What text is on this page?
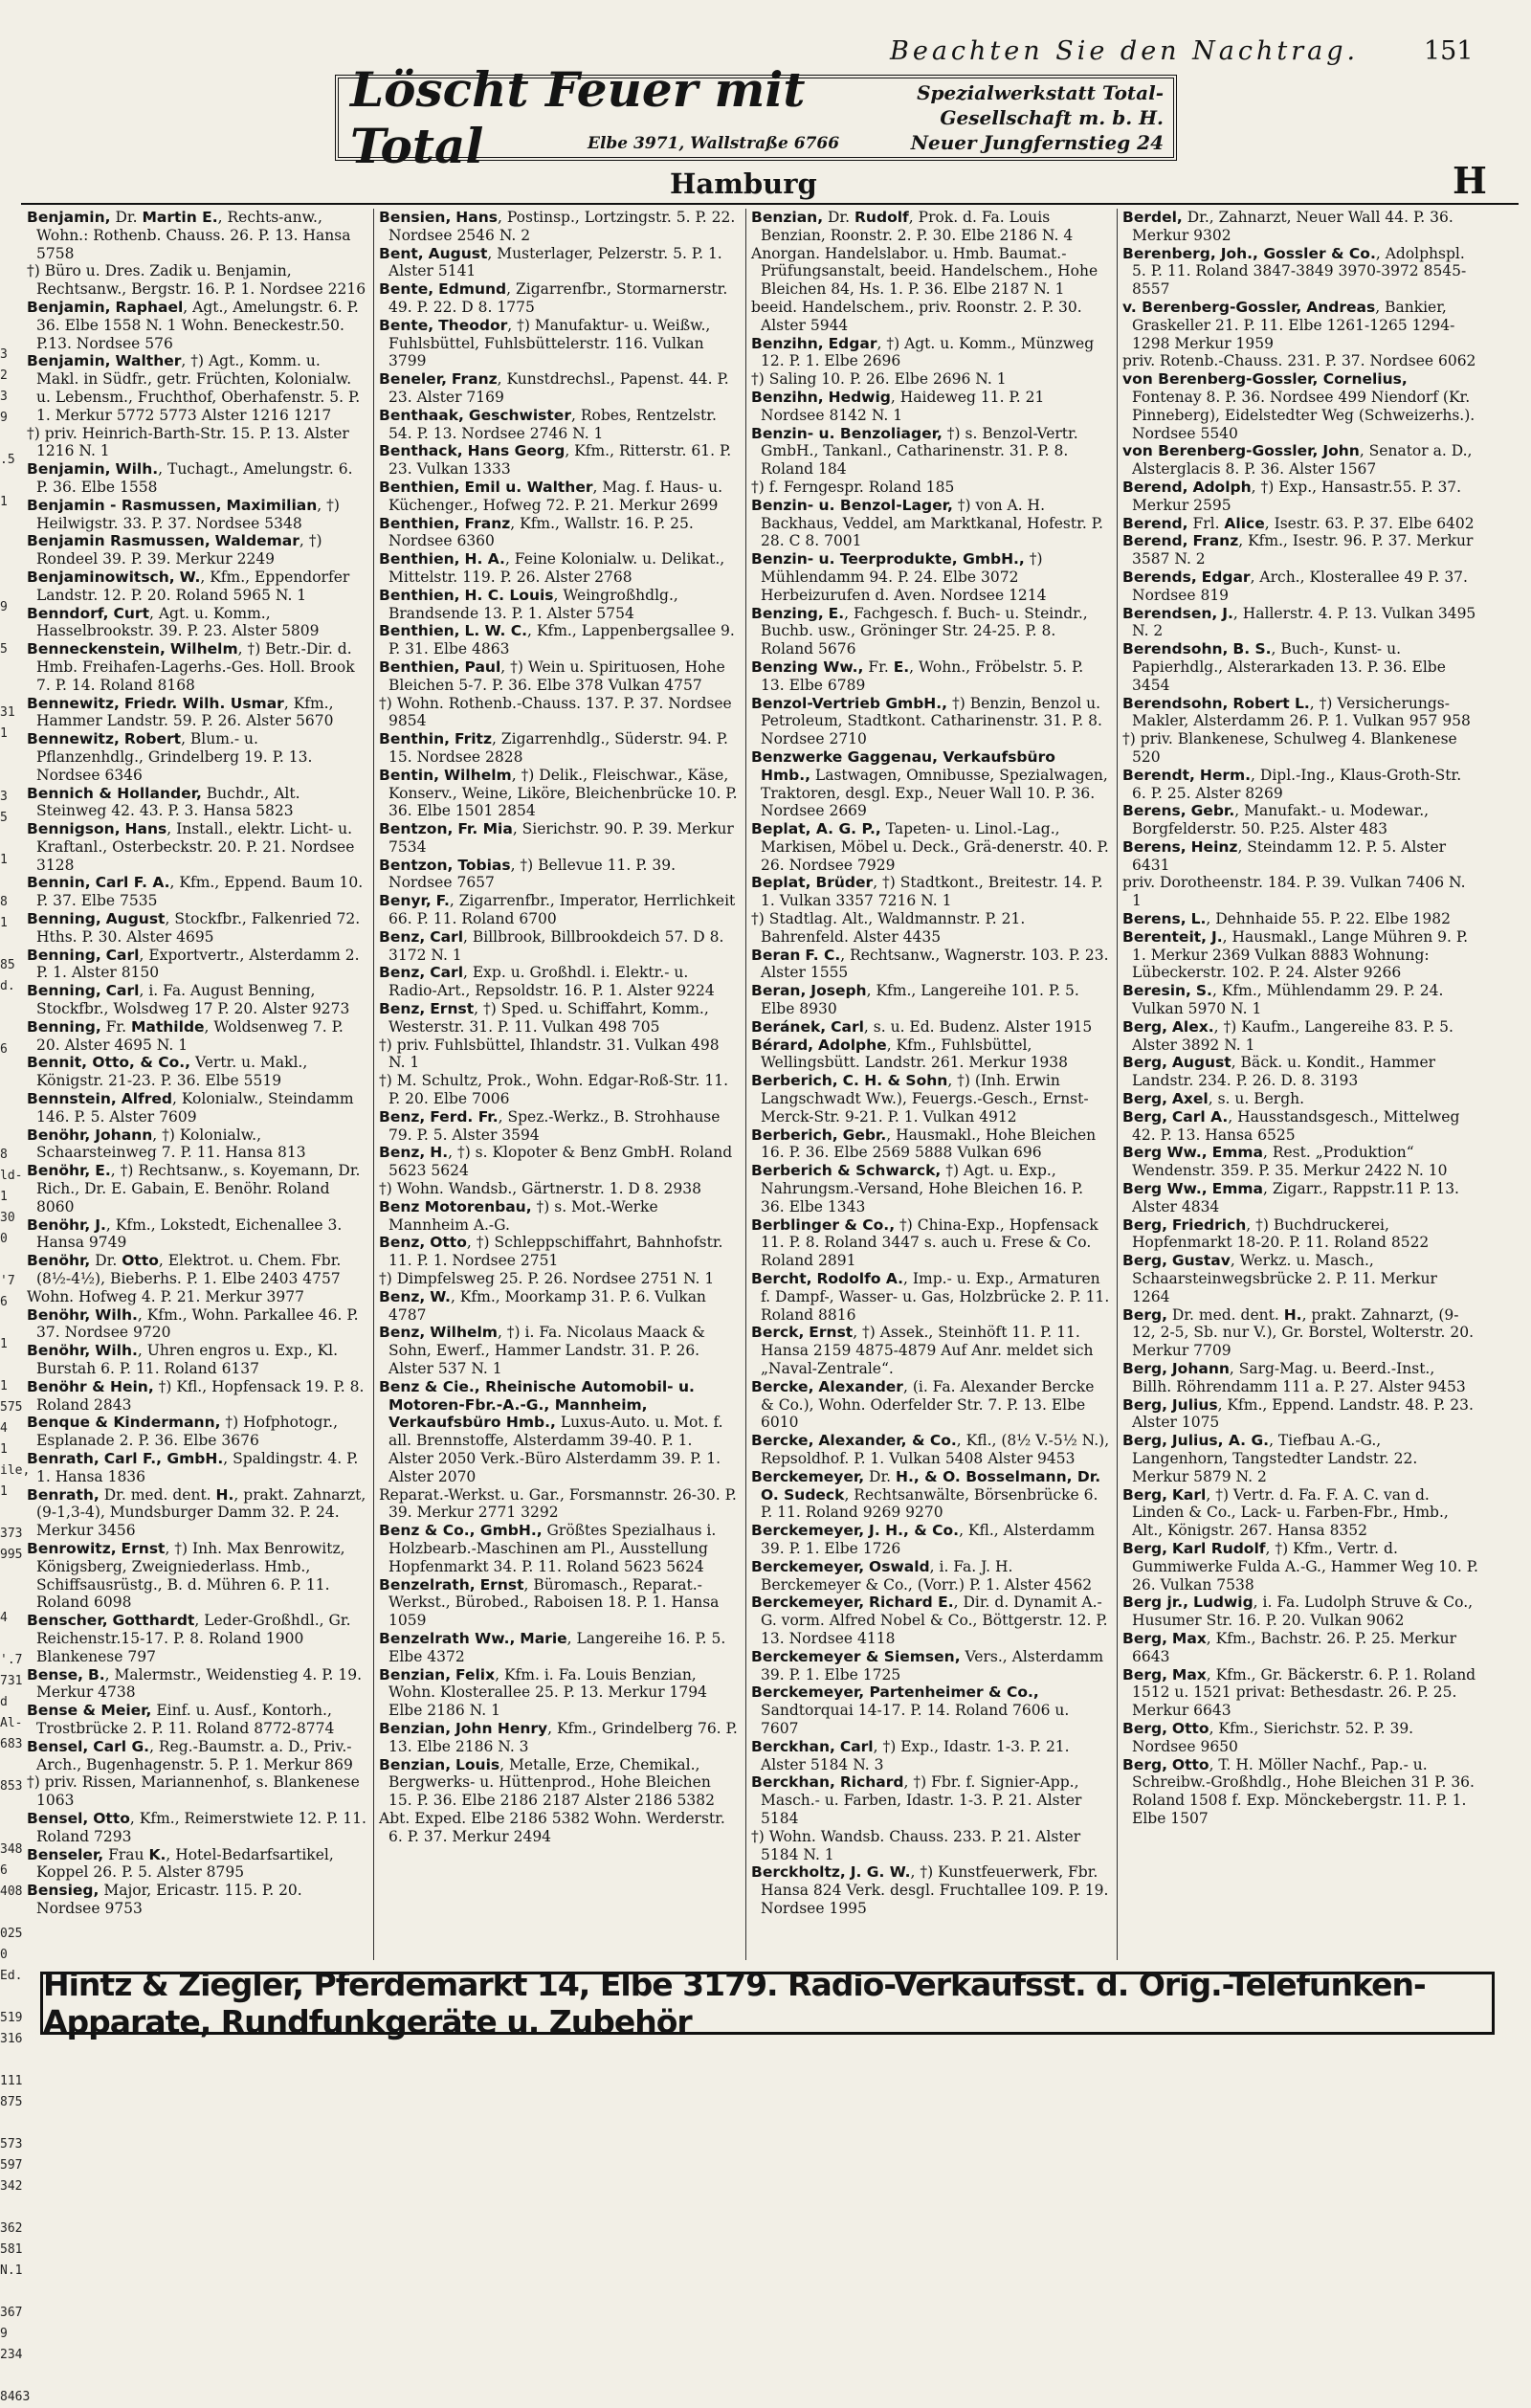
Beachten Sie den Nachtrag.	151
Löscht Feuer mit Total
Spezialwerkstatt Total-
Gesellschaft m. b. H.
Neuer Jungfernstieg 24
Elbe 3971, Wallstraße 6766
Hamburg	H
3
2
3
9

.5

1

9

5

31
1

3
5

1

8
1

85
d.

6

8
ld-
1
30
0

'7
6

1

1
575
4
1
ile,
1

373
995

4

'.7
731
d
Al-
683

853

348
6
408

025
0
Ed.

519
316

111
875

573
597
342

362
581
N.1

367
9
234

8463

Benjamin, Dr. Martin E., Rechts-anw., Wohn.: Rothenb. Chauss. 26. P. 13. Hansa 5758

†) Büro u. Dres. Zadik u. Benjamin, Rechtsanw., Bergstr. 16. P. 1. Nordsee 2216

Benjamin, Raphael, Agt., Amelungstr. 6. P. 36. Elbe 1558 N. 1 Wohn. Beneckestr.50. P.13. Nordsee 576

Benjamin, Walther, †) Agt., Komm. u. Makl. in Südfr., getr. Früchten, Kolonialw. u. Lebensm., Fruchthof, Oberhafenstr. 5. P. 1. Merkur 5772 5773 Alster 1216 1217

†) priv. Heinrich-Barth-Str. 15. P. 13. Alster 1216 N. 1

Benjamin, Wilh., Tuchagt., Amelungstr. 6. P. 36. Elbe 1558

Benjamin - Rasmussen, Maximilian, †) Heilwigstr. 33. P. 37. Nordsee 5348

Benjamin Rasmussen, Waldemar, †) Rondeel 39. P. 39. Merkur 2249

Benjaminowitsch, W., Kfm., Eppendorfer Landstr. 12. P. 20. Roland 5965 N. 1

Benndorf, Curt, Agt. u. Komm., Hasselbrookstr. 39. P. 23. Alster 5809

Benneckenstein, Wilhelm, †) Betr.-Dir. d. Hmb. Freihafen-Lagerhs.-Ges. Holl. Brook 7. P. 14. Roland 8168

Bennewitz, Friedr. Wilh. Usmar, Kfm., Hammer Landstr. 59. P. 26. Alster 5670

Bennewitz, Robert, Blum.- u. Pflanzenhdlg., Grindelberg 19. P. 13. Nordsee 6346

Bennich & Hollander, Buchdr., Alt. Steinweg 42. 43. P. 3. Hansa 5823

Bennigson, Hans, Install., elektr. Licht- u. Kraftanl., Osterbeckstr. 20. P. 21. Nordsee 3128

Bennin, Carl F. A., Kfm., Eppend. Baum 10. P. 37. Elbe 7535

Benning, August, Stockfbr., Falkenried 72. Hths. P. 30. Alster 4695

Benning, Carl, Exportvertr., Alsterdamm 2. P. 1. Alster 8150

Benning, Carl, i. Fa. August Benning, Stockfbr., Wolsdweg 17 P. 20. Alster 9273

Benning, Fr. Mathilde, Woldsenweg 7. P. 20. Alster 4695 N. 1

Bennit, Otto, & Co., Vertr. u. Makl., Königstr. 21-23. P. 36. Elbe 5519

Bennstein, Alfred, Kolonialw., Steindamm 146. P. 5. Alster 7609

Benöhr, Johann, †) Kolonialw., Schaarsteinweg 7. P. 11. Hansa 813

Benöhr, E., †) Rechtsanw., s. Koyemann, Dr. Rich., Dr. E. Gabain, E. Benöhr. Roland 8060

Benöhr, J., Kfm., Lokstedt, Eichenallee 3. Hansa 9749

Benöhr, Dr. Otto, Elektrot. u. Chem. Fbr. (8½-4½), Bieberhs. P. 1. Elbe 2403 4757

Wohn. Hofweg 4. P. 21. Merkur 3977

Benöhr, Wilh., Kfm., Wohn. Parkallee 46. P. 37. Nordsee 9720

Benöhr, Wilh., Uhren engros u. Exp., Kl. Burstah 6. P. 11. Roland 6137

Benöhr & Hein, †) Kfl., Hopfensack 19. P. 8. Roland 2843

Benque & Kindermann, †) Hofphotogr., Esplanade 2. P. 36. Elbe 3676

Benrath, Carl F., GmbH., Spaldingstr. 4. P. 1. Hansa 1836

Benrath, Dr. med. dent. H., prakt. Zahnarzt, (9-1,3-4), Mundsburger Damm 32. P. 24. Merkur 3456

Benrowitz, Ernst, †) Inh. Max Benrowitz, Königsberg, Zweigniederlass. Hmb., Schiffsausrüstg., B. d. Mühren 6. P. 11. Roland 6098

Benscher, Gotthardt, Leder-Großhdl., Gr. Reichenstr.15-17. P. 8. Roland 1900 Blankenese 797

Bense, B., Malermstr., Weidenstieg 4. P. 19. Merkur 4738

Bense & Meier, Einf. u. Ausf., Kontorh., Trostbrücke 2. P. 11. Roland 8772-8774

Bensel, Carl G., Reg.-Baumstr. a. D., Priv.-Arch., Bugenhagenstr. 5. P. 1. Merkur 869

†) priv. Rissen, Mariannenhof, s. Blankenese 1063

Bensel, Otto, Kfm., Reimerstwiete 12. P. 11. Roland 7293

Benseler, Frau K., Hotel-Bedarfsartikel, Koppel 26. P. 5. Alster 8795

Bensieg, Major, Ericastr. 115. P. 20. Nordsee 9753

Bensien, Hans, Postinsp., Lortzingstr. 5. P. 22. Nordsee 2546 N. 2

Bent, August, Musterlager, Pelzerstr. 5. P. 1. Alster 5141

Bente, Edmund, Zigarrenfbr., Stormarnerstr. 49. P. 22. D 8. 1775

Bente, Theodor, †) Manufaktur- u. Weißw., Fuhlsbüttel, Fuhlsbüttelerstr. 116. Vulkan 3799

Beneler, Franz, Kunstdrechsl., Papenst. 44. P. 23. Alster 7169

Benthaak, Geschwister, Robes, Rentzelstr. 54. P. 13. Nordsee 2746 N. 1

Benthack, Hans Georg, Kfm., Ritterstr. 61. P. 23. Vulkan 1333

Benthien, Emil u. Walther, Mag. f. Haus- u. Küchenger., Hofweg 72. P. 21. Merkur 2699

Benthien, Franz, Kfm., Wallstr. 16. P. 25. Nordsee 6360

Benthien, H. A., Feine Kolonialw. u. Delikat., Mittelstr. 119. P. 26. Alster 2768

Benthien, H. C. Louis, Weingroßhdlg., Brandsende 13. P. 1. Alster 5754

Benthien, L. W. C., Kfm., Lappenbergsallee 9. P. 31. Elbe 4863

Benthien, Paul, †) Wein u. Spirituosen, Hohe Bleichen 5-7. P. 36. Elbe 378 Vulkan 4757

†) Wohn. Rothenb.-Chauss. 137. P. 37. Nordsee 9854

Benthin, Fritz, Zigarrenhdlg., Süderstr. 94. P. 15. Nordsee 2828

Bentin, Wilhelm, †) Delik., Fleischwar., Käse, Konserv., Weine, Liköre, Bleichenbrücke 10. P. 36. Elbe 1501 2854

Bentzon, Fr. Mia, Sierichstr. 90. P. 39. Merkur 7534

Bentzon, Tobias, †) Bellevue 11. P. 39. Nordsee 7657

Benyr, F., Zigarrenfbr., Imperator, Herrlichkeit 66. P. 11. Roland 6700

Benz, Carl, Billbrook, Billbrookdeich 57. D 8. 3172 N. 1

Benz, Carl, Exp. u. Großhdl. i. Elektr.- u. Radio-Art., Repsoldstr. 16. P. 1. Alster 9224

Benz, Ernst, †) Sped. u. Schiffahrt, Komm., Westerstr. 31. P. 11. Vulkan 498 705

†) priv. Fuhlsbüttel, Ihlandstr. 31. Vulkan 498 N. 1

†) M. Schultz, Prok., Wohn. Edgar-Roß-Str. 11. P. 20. Elbe 7006

Benz, Ferd. Fr., Spez.-Werkz., B. Strohhause 79. P. 5. Alster 3594

Benz, H., †) s. Klopoter & Benz GmbH. Roland 5623 5624

†) Wohn. Wandsb., Gärtnerstr. 1. D 8. 2938

Benz Motorenbau, †) s. Mot.-Werke Mannheim A.-G.

Benz, Otto, †) Schleppschiffahrt, Bahnhofstr. 11. P. 1. Nordsee 2751

†) Dimpfelsweg 25. P. 26. Nordsee 2751 N. 1

Benz, W., Kfm., Moorkamp 31. P. 6. Vulkan 4787

Benz, Wilhelm, †) i. Fa. Nicolaus Maack & Sohn, Ewerf., Hammer Landstr. 31. P. 26. Alster 537 N. 1

Benz & Cie., Rheinische Automobil- u. Motoren-Fbr.-A.-G., Mannheim, Verkaufsbüro Hmb., Luxus-Auto. u. Mot. f. all. Brennstoffe, Alsterdamm 39-40. P. 1. Alster 2050 Verk.-Büro Alsterdamm 39. P. 1. Alster 2070

Reparat.-Werkst. u. Gar., Forsmannstr. 26-30. P. 39. Merkur 2771 3292

Benz & Co., GmbH., Größtes Spezialhaus i. Holzbearb.-Maschinen am Pl., Ausstellung Hopfenmarkt 34. P. 11. Roland 5623 5624

Benzelrath, Ernst, Büromasch., Reparat.-Werkst., Bürobed., Raboisen 18. P. 1. Hansa 1059

Benzelrath Ww., Marie, Langereihe 16. P. 5. Elbe 4372

Benzian, Felix, Kfm. i. Fa. Louis Benzian, Wohn. Klosterallee 25. P. 13. Merkur 1794 Elbe 2186 N. 1

Benzian, John Henry, Kfm., Grindelberg 76. P. 13. Elbe 2186 N. 3

Benzian, Louis, Metalle, Erze, Chemikal., Bergwerks- u. Hüttenprod., Hohe Bleichen 15. P. 36. Elbe 2186 2187 Alster 2186 5382

Abt. Exped. Elbe 2186 5382 Wohn. Werderstr. 6. P. 37. Merkur 2494

Benzian, Dr. Rudolf, Prok. d. Fa. Louis Benzian, Roonstr. 2. P. 30. Elbe 2186 N. 4

Anorgan. Handelslabor. u. Hmb. Baumat.-Prüfungsanstalt, beeid. Handelschem., Hohe Bleichen 84, Hs. 1. P. 36. Elbe 2187 N. 1

beeid. Handelschem., priv. Roonstr. 2. P. 30. Alster 5944

Benzihn, Edgar, †) Agt. u. Komm., Münzweg 12. P. 1. Elbe 2696

†) Saling 10. P. 26. Elbe 2696 N. 1

Benzihn, Hedwig, Haideweg 11. P. 21 Nordsee 8142 N. 1

Benzin- u. Benzoliager, †) s. Benzol-Vertr. GmbH., Tankanl., Catharinenstr. 31. P. 8. Roland 184

†) f. Ferngespr. Roland 185

Benzin- u. Benzol-Lager, †) von A. H. Backhaus, Veddel, am Marktkanal, Hofestr. P. 28. C 8. 7001

Benzin- u. Teerprodukte, GmbH., †) Mühlendamm 94. P. 24. Elbe 3072 Herbeizurufen d. Aven. Nordsee 1214

Benzing, E., Fachgesch. f. Buch- u. Steindr., Buchb. usw., Gröninger Str. 24-25. P. 8. Roland 5676

Benzing Ww., Fr. E., Wohn., Fröbelstr. 5. P. 13. Elbe 6789

Benzol-Vertrieb GmbH., †) Benzin, Benzol u. Petroleum, Stadtkont. Catharinenstr. 31. P. 8. Nordsee 2710

Benzwerke Gaggenau, Verkaufsbüro Hmb., Lastwagen, Omnibusse, Spezialwagen, Traktoren, desgl. Exp., Neuer Wall 10. P. 36. Nordsee 2669

Beplat, A. G. P., Tapeten- u. Linol.-Lag., Markisen, Möbel u. Deck., Grä-denerstr. 40. P. 26. Nordsee 7929

Beplat, Brüder, †) Stadtkont., Breitestr. 14. P. 1. Vulkan 3357 7216 N. 1

†) Stadtlag. Alt., Waldmannstr. P. 21. Bahrenfeld. Alster 4435

Beran F. C., Rechtsanw., Wagnerstr. 103. P. 23. Alster 1555

Beran, Joseph, Kfm., Langereihe 101. P. 5. Elbe 8930

Beránek, Carl, s. u. Ed. Budenz. Alster 1915

Bérard, Adolphe, Kfm., Fuhlsbüttel, Wellingsbütt. Landstr. 261. Merkur 1938

Berberich, C. H. & Sohn, †) (Inh. Erwin Langschwadt Ww.), Feuergs.-Gesch., Ernst-Merck-Str. 9-21. P. 1. Vulkan 4912

Berberich, Gebr., Hausmakl., Hohe Bleichen 16. P. 36. Elbe 2569 5888 Vulkan 696

Berberich & Schwarck, †) Agt. u. Exp., Nahrungsm.-Versand, Hohe Bleichen 16. P. 36. Elbe 1343

Berblinger & Co., †) China-Exp., Hopfensack 11. P. 8. Roland 3447 s. auch u. Frese & Co. Roland 2891

Bercht, Rodolfo A., Imp.- u. Exp., Armaturen f. Dampf-, Wasser- u. Gas, Holzbrücke 2. P. 11. Roland 8816

Berck, Ernst, †) Assek., Steinhöft 11. P. 11. Hansa 2159 4875-4879 Auf Anr. meldet sich „Naval-Zentrale“.

Bercke, Alexander, (i. Fa. Alexander Bercke & Co.), Wohn. Oderfelder Str. 7. P. 13. Elbe 6010

Bercke, Alexander, & Co., Kfl., (8½ V.-5½ N.), Repsoldhof. P. 1. Vulkan 5408 Alster 9453

Berckemeyer, Dr. H., & O. Bosselmann, Dr. O. Sudeck, Rechtsanwälte, Börsenbrücke 6. P. 11. Roland 9269 9270

Berckemeyer, J. H., & Co., Kfl., Alsterdamm 39. P. 1. Elbe 1726

Berckemeyer, Oswald, i. Fa. J. H. Berckemeyer & Co., (Vorr.) P. 1. Alster 4562

Berckemeyer, Richard E., Dir. d. Dynamit A.-G. vorm. Alfred Nobel & Co., Böttgerstr. 12. P. 13. Nordsee 4118

Berckemeyer & Siemsen, Vers., Alsterdamm 39. P. 1. Elbe 1725

Berckemeyer, Partenheimer & Co., Sandtorquai 14-17. P. 14. Roland 7606 u. 7607

Berckhan, Carl, †) Exp., Idastr. 1-3. P. 21. Alster 5184 N. 3

Berckhan, Richard, †) Fbr. f. Signier-App., Masch.- u. Farben, Idastr. 1-3. P. 21. Alster 5184

†) Wohn. Wandsb. Chauss. 233. P. 21. Alster 5184 N. 1

Berckholtz, J. G. W., †) Kunstfeuerwerk, Fbr. Hansa 824 Verk. desgl. Fruchtallee 109. P. 19. Nordsee 1995

Berdel, Dr., Zahnarzt, Neuer Wall 44. P. 36. Merkur 9302

Berenberg, Joh., Gossler & Co., Adolphspl. 5. P. 11. Roland 3847-3849 3970-3972 8545-8557

v. Berenberg-Gossler, Andreas, Bankier, Graskeller 21. P. 11. Elbe 1261-1265 1294-1298 Merkur 1959

priv. Rotenb.-Chauss. 231. P. 37. Nordsee 6062

von Berenberg-Gossler, Cornelius, Fontenay 8. P. 36. Nordsee 499 Niendorf (Kr. Pinneberg), Eidelstedter Weg (Schweizerhs.). Nordsee 5540

von Berenberg-Gossler, John, Senator a. D., Alsterglacis 8. P. 36. Alster 1567

Berend, Adolph, †) Exp., Hansastr.55. P. 37. Merkur 2595

Berend, Frl. Alice, Isestr. 63. P. 37. Elbe 6402

Berend, Franz, Kfm., Isestr. 96. P. 37. Merkur 3587 N. 2

Berends, Edgar, Arch., Klosterallee 49 P. 37. Nordsee 819

Berendsen, J., Hallerstr. 4. P. 13. Vulkan 3495 N. 2

Berendsohn, B. S., Buch-, Kunst- u. Papierhdlg., Alsterarkaden 13. P. 36. Elbe 3454

Berendsohn, Robert L., †) Versicherungs-Makler, Alsterdamm 26. P. 1. Vulkan 957 958

†) priv. Blankenese, Schulweg 4. Blankenese 520

Berendt, Herm., Dipl.-Ing., Klaus-Groth-Str. 6. P. 25. Alster 8269

Berens, Gebr., Manufakt.- u. Modewar., Borgfelderstr. 50. P.25. Alster 483

Berens, Heinz, Steindamm 12. P. 5. Alster 6431

priv. Dorotheenstr. 184. P. 39. Vulkan 7406 N. 1

Berens, L., Dehnhaide 55. P. 22. Elbe 1982

Berenteit, J., Hausmakl., Lange Mühren 9. P. 1. Merkur 2369 Vulkan 8883 Wohnung: Lübeckerstr. 102. P. 24. Alster 9266

Beresin, S., Kfm., Mühlendamm 29. P. 24. Vulkan 5970 N. 1

Berg, Alex., †) Kaufm., Langereihe 83. P. 5. Alster 3892 N. 1

Berg, August, Bäck. u. Kondit., Hammer Landstr. 234. P. 26. D. 8. 3193

Berg, Axel, s. u. Bergh.

Berg, Carl A., Hausstandsgesch., Mittelweg 42. P. 13. Hansa 6525

Berg Ww., Emma, Rest. „Produktion“ Wendenstr. 359. P. 35. Merkur 2422 N. 10

Berg Ww., Emma, Zigarr., Rappstr.11 P. 13. Alster 4834

Berg, Friedrich, †) Buchdruckerei, Hopfenmarkt 18-20. P. 11. Roland 8522

Berg, Gustav, Werkz. u. Masch., Schaarsteinwegsbrücke 2. P. 11. Merkur 1264

Berg, Dr. med. dent. H., prakt. Zahnarzt, (9-12, 2-5, Sb. nur V.), Gr. Borstel, Wolterstr. 20. Merkur 7709

Berg, Johann, Sarg-Mag. u. Beerd.-Inst., Billh. Röhrendamm 111 a. P. 27. Alster 9453

Berg, Julius, Kfm., Eppend. Landstr. 48. P. 23. Alster 1075

Berg, Julius, A. G., Tiefbau A.-G., Langenhorn, Tangstedter Landstr. 22. Merkur 5879 N. 2

Berg, Karl, †) Vertr. d. Fa. F. A. C. van d. Linden & Co., Lack- u. Farben-Fbr., Hmb., Alt., Königstr. 267. Hansa 8352

Berg, Karl Rudolf, †) Kfm., Vertr. d. Gummiwerke Fulda A.-G., Hammer Weg 10. P. 26. Vulkan 7538

Berg jr., Ludwig, i. Fa. Ludolph Struve & Co., Husumer Str. 16. P. 20. Vulkan 9062

Berg, Max, Kfm., Bachstr. 26. P. 25. Merkur 6643

Berg, Max, Kfm., Gr. Bäckerstr. 6. P. 1. Roland 1512 u. 1521 privat: Bethesdastr. 26. P. 25. Merkur 6643

Berg, Otto, Kfm., Sierichstr. 52. P. 39. Nordsee 9650

Berg, Otto, T. H. Möller Nachf., Pap.- u. Schreibw.-Großhdlg., Hohe Bleichen 31 P. 36. Roland 1508 f. Exp. Mönckebergstr. 11. P. 1. Elbe 1507

Hintz & Ziegler, Pferdemarkt 14, Elbe 3179. Radio-Verkaufsst. d. Orig.-Telefunken-Apparate, Rundfunkgeräte u. Zubehör
